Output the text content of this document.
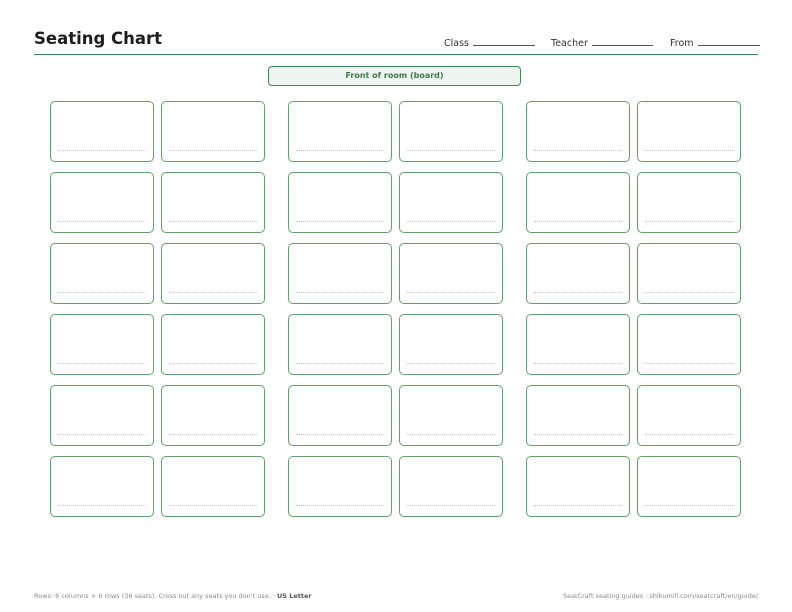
Seating Chart	Class	Teacher	From
Front of room (board)
Rows: 6 columns × 6 rows (36 seats). Cross out any seats you don't use. · US Letter	SeatCraft seating guides · shikumill.com/seatcraft/en/guide/
